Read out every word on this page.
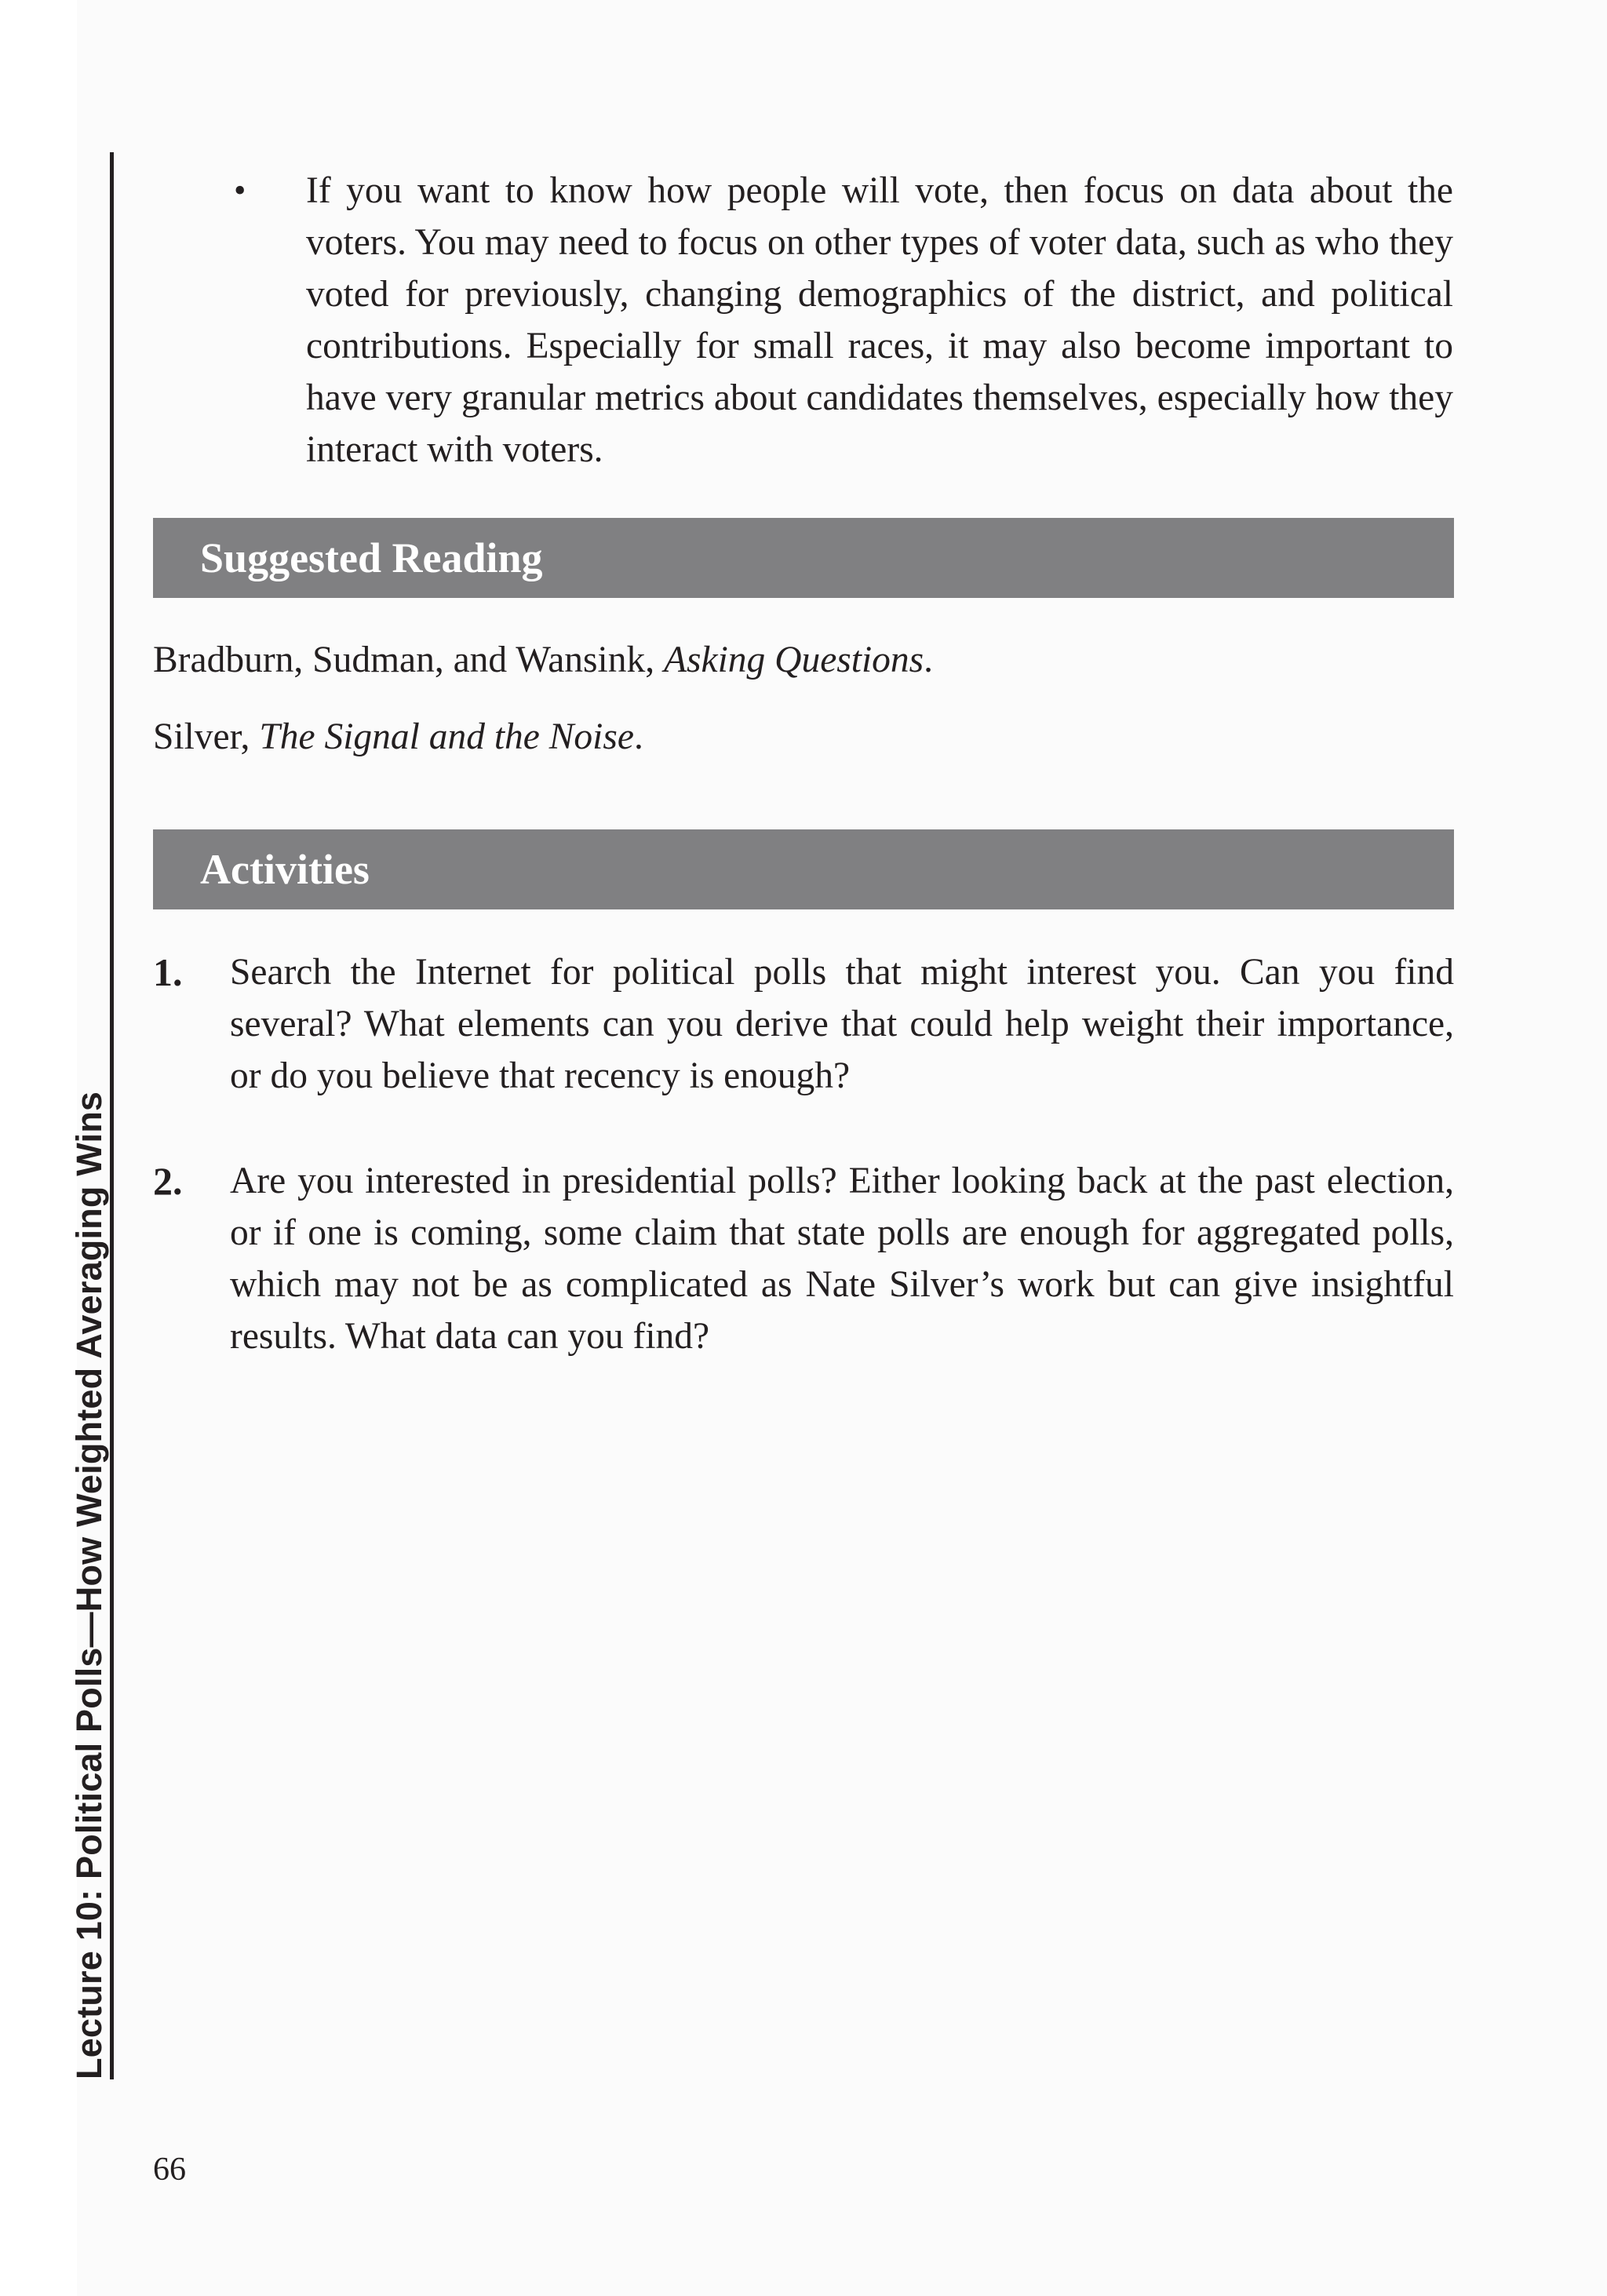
Lecture 10: Political Polls—How Weighted Averaging Wins
• If you want to know how people will vote, then focus on data about the voters. You may need to focus on other types of voter data, such as who they voted for previously, changing demographics of the district, and political contributions. Especially for small races, it may also become important to have very granular metrics about candidates themselves, especially how they interact with voters.
Suggested Reading
Bradburn, Sudman, and Wansink, Asking Questions.
Silver, The Signal and the Noise.
Activities
1. Search the Internet for political polls that might interest you. Can you find several? What elements can you derive that could help weight their importance, or do you believe that recency is enough?
2. Are you interested in presidential polls? Either looking back at the past election, or if one is coming, some claim that state polls are enough for aggregated polls, which may not be as complicated as Nate Silver’s work but can give insightful results. What data can you find?
66
